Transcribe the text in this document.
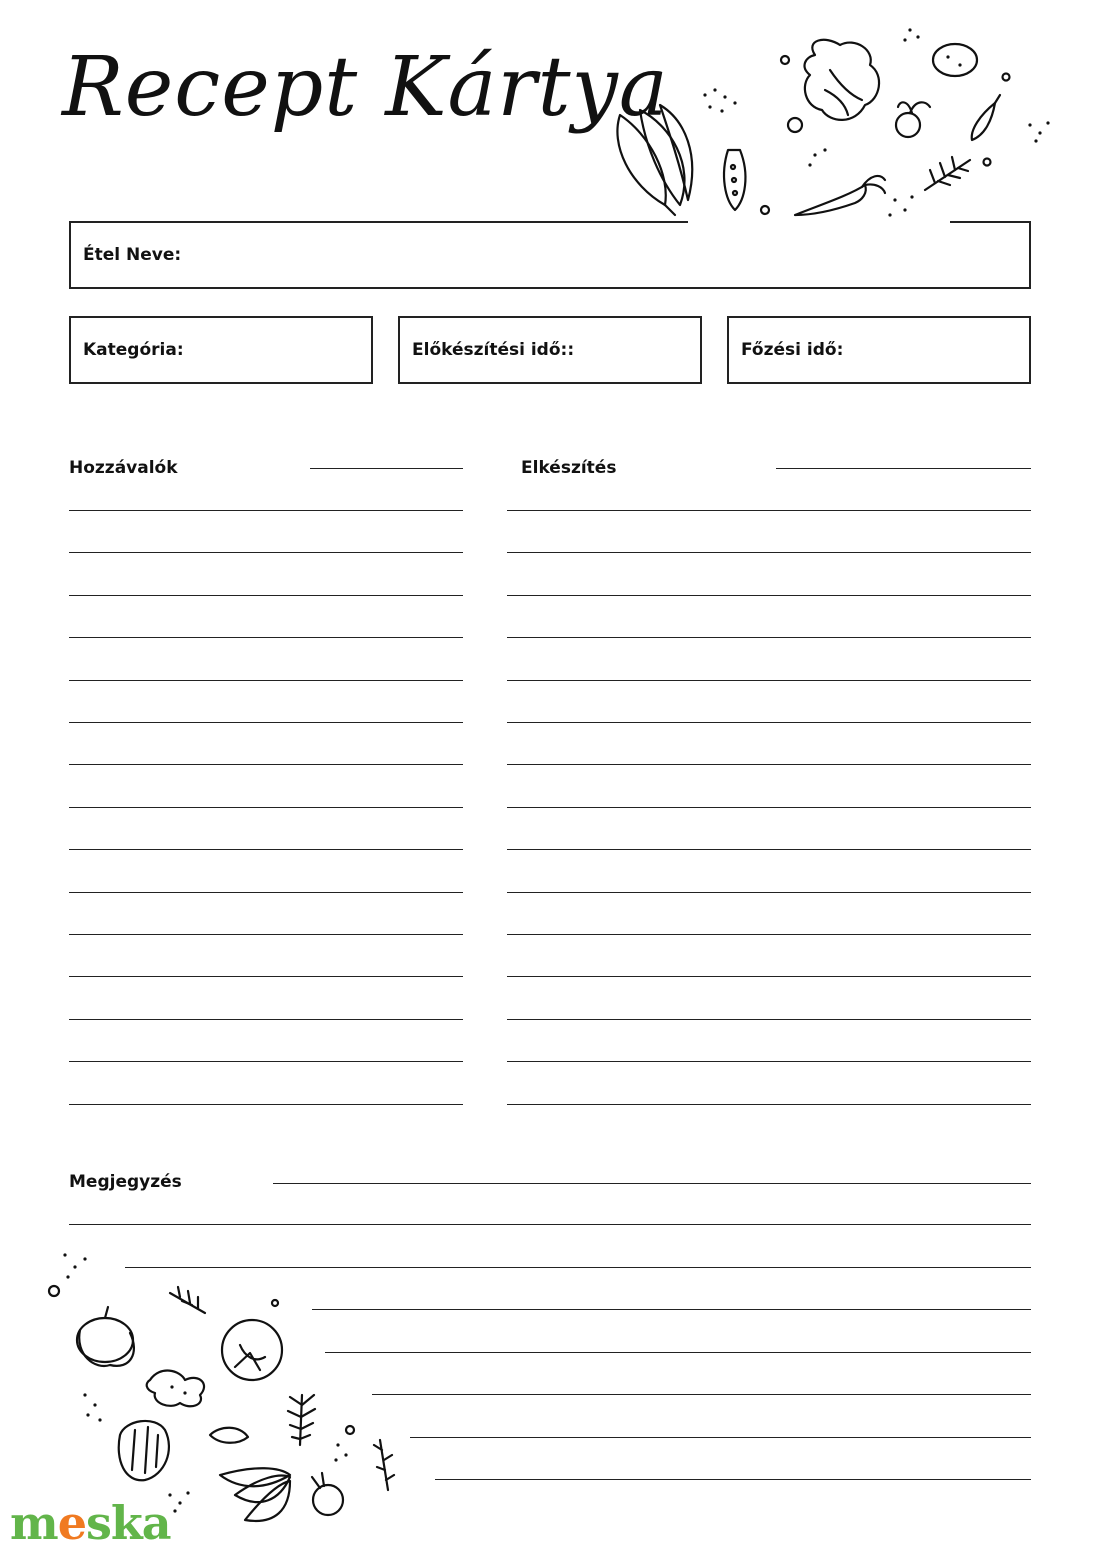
Recept Kártya
Étel Neve:
Kategória:	Előkészítési idő::	Főzési idő:
Hozzávalók	Elkészítés
Megjegyzés
meska
